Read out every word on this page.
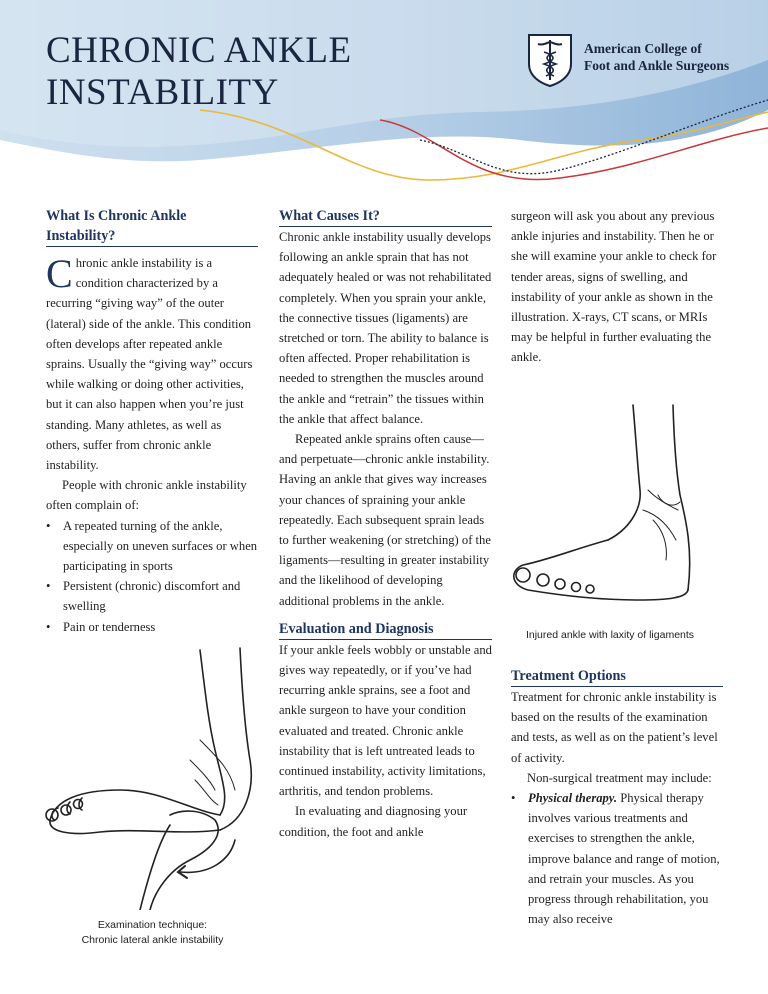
CHRONIC ANKLE
INSTABILITY
American College of
Foot and Ankle Surgeons

What Is Chronic Ankle Instability?

Chronic ankle instability is a condition characterized by a recurring “giving way” of the outer (lateral) side of the ankle. This condition often develops after repeated ankle sprains. Usually the “giving way” occurs while walking or doing other activities, but it can also happen when you’re just standing. Many athletes, as well as others, suffer from chronic ankle instability.

People with chronic ankle instability often complain of:

• A repeated turning of the ankle, especially on uneven surfaces or when participating in sports
• Persistent (chronic) discomfort and swelling
• Pain or tenderness
Examination technique:
Chronic lateral ankle instability

What Causes It?

Chronic ankle instability usually develops following an ankle sprain that has not adequately healed or was not rehabilitated completely. When you sprain your ankle, the connective tissues (ligaments) are stretched or torn. The ability to balance is often affected. Proper rehabilitation is needed to strengthen the muscles around the ankle and “retrain” the tissues within the ankle that affect balance.

Repeated ankle sprains often cause—and perpetuate—chronic ankle instability. Having an ankle that gives way increases your chances of spraining your ankle repeatedly. Each subsequent sprain leads to further weakening (or stretching) of the ligaments—resulting in greater instability and the likelihood of developing additional problems in the ankle.

Evaluation and Diagnosis

If your ankle feels wobbly or unstable and gives way repeatedly, or if you’ve had recurring ankle sprains, see a foot and ankle surgeon to have your condition evaluated and treated. Chronic ankle instability that is left untreated leads to continued instability, activity limitations, arthritis, and tendon problems.

In evaluating and diagnosing your condition, the foot and ankle

surgeon will ask you about any previous ankle injuries and instability. Then he or she will examine your ankle to check for tender areas, signs of swelling, and instability of your ankle as shown in the illustration. X-rays, CT scans, or MRIs may be helpful in further evaluating the ankle.

Injured ankle with laxity of ligaments

Treatment Options

Treatment for chronic ankle instability is based on the results of the examination and tests, as well as on the patient’s level of activity.

Non-surgical treatment may include:

• Physical therapy. Physical therapy involves various treatments and exercises to strengthen the ankle, improve balance and range of motion, and retrain your muscles. As you progress through rehabilitation, you may also receive
